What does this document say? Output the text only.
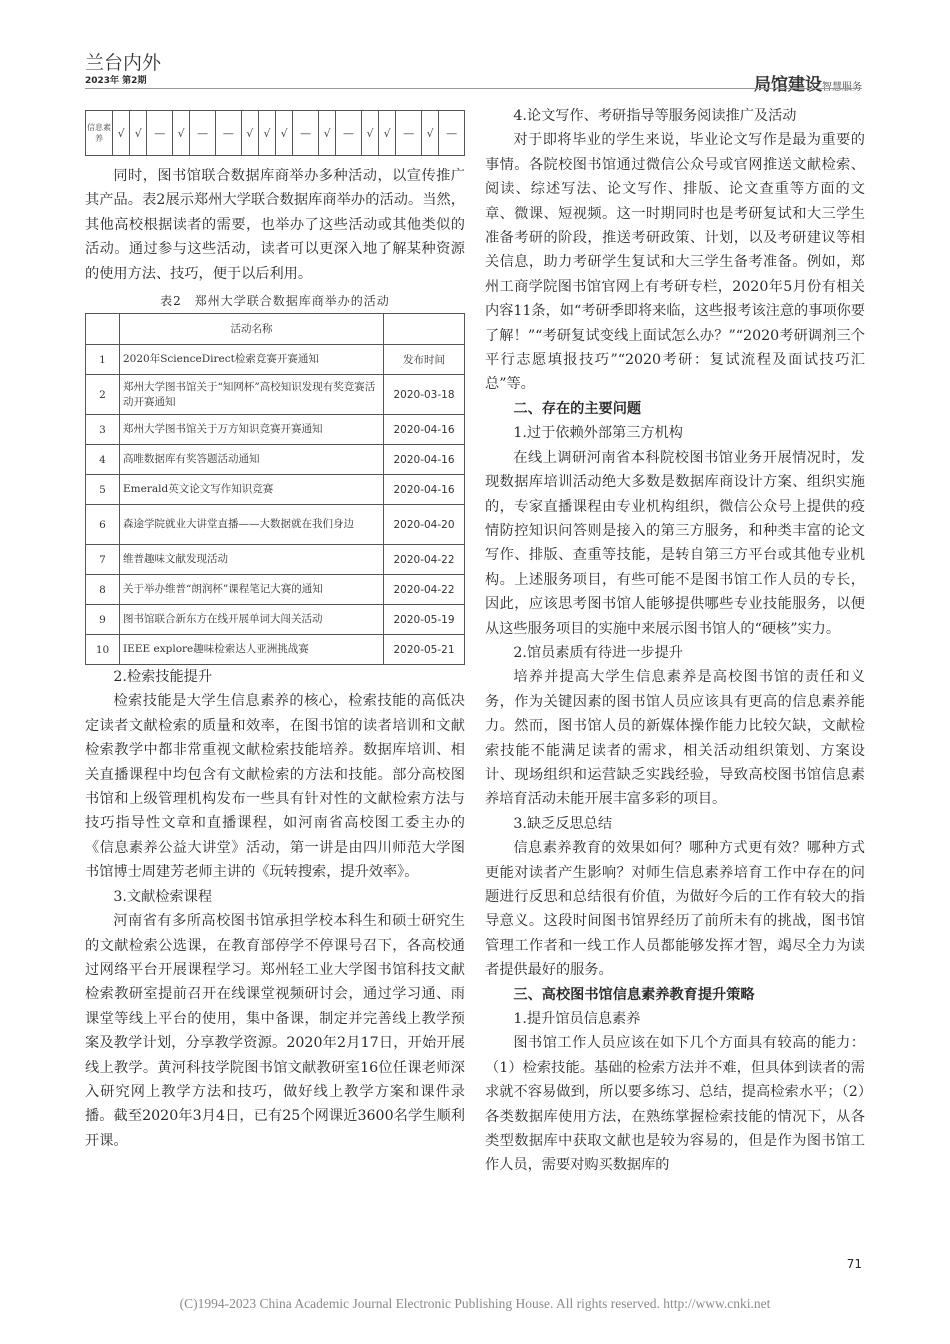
兰台内外
2023年 第2期	局馆建设智慧服务
信息素养	√	√	—	√	—	—	√	√	√	—	√	—	√	√	—	√	—

同时，图书馆联合数据库商举办多种活动，以宣传推广其产品。表2展示郑州大学联合数据库商举办的活动。当然，其他高校根据读者的需要，也举办了这些活动或其他类似的活动。通过参与这些活动，读者可以更深入地了解某种资源的使用方法、技巧，便于以后利用。

表2　郑州大学联合数据库商举办的活动
	活动名称	
1	2020年ScienceDirect检索竞赛开赛通知	发布时间
2	郑州大学图书馆关于“知网杯”高校知识发现有奖竞赛活动开赛通知	2020-03-18
3	郑州大学图书馆关于万方知识竞赛开赛通知	2020-04-16
4	高唯数据库有奖答题活动通知	2020-04-16
5	Emerald英文论文写作知识竞赛	2020-04-16
6	森途学院就业大讲堂直播——大数据就在我们身边	2020-04-20
7	维普趣味文献发现活动	2020-04-22
8	关于举办维普“朗润杯”课程笔记大赛的通知	2020-04-22
9	图书馆联合新东方在线开展单词大闯关活动	2020-05-19
10	IEEE explore趣味检索达人亚洲挑战赛	2020-05-21

2.检索技能提升

检索技能是大学生信息素养的核心，检索技能的高低决定读者文献检索的质量和效率，在图书馆的读者培训和文献检索教学中都非常重视文献检索技能培养。数据库培训、相关直播课程中均包含有文献检索的方法和技能。部分高校图书馆和上级管理机构发布一些具有针对性的文献检索方法与技巧指导性文章和直播课程，如河南省高校图工委主办的《信息素养公益大讲堂》活动，第一讲是由四川师范大学图书馆博士周建芳老师主讲的《玩转搜索，提升效率》。

3.文献检索课程

河南省有多所高校图书馆承担学校本科生和硕士研究生的文献检索公选课，在教育部停学不停课号召下，各高校通过网络平台开展课程学习。郑州轻工业大学图书馆科技文献检索教研室提前召开在线课堂视频研讨会，通过学习通、雨课堂等线上平台的使用，集中备课，制定并完善线上教学预案及教学计划，分享教学资源。2020年2月17日，开始开展线上教学。黄河科技学院图书馆文献教研室16位任课老师深入研究网上教学方法和技巧，做好线上教学方案和课件录播。截至2020年3月4日，已有25个网课近3600名学生顺利开课。

4.论文写作、考研指导等服务阅读推广及活动

对于即将毕业的学生来说，毕业论文写作是最为重要的事情。各院校图书馆通过微信公众号或官网推送文献检索、阅读、综述写法、论文写作、排版、论文查重等方面的文章、微课、短视频。这一时期同时也是考研复试和大三学生准备考研的阶段，推送考研政策、计划，以及考研建议等相关信息，助力考研学生复试和大三学生备考准备。例如，郑州工商学院图书馆官网上有考研专栏，2020年5月份有相关内容11条，如“考研季即将来临，这些报考该注意的事项你要了解！”“考研复试变线上面试怎么办？”“2020考研调剂三个平行志愿填报技巧”“2020考研：复试流程及面试技巧汇总”等。

二、存在的主要问题

1.过于依赖外部第三方机构

在线上调研河南省本科院校图书馆业务开展情况时，发现数据库培训活动绝大多数是数据库商设计方案、组织实施的，专家直播课程由专业机构组织，微信公众号上提供的疫情防控知识问答则是接入的第三方服务，和种类丰富的论文写作、排版、查重等技能，是转自第三方平台或其他专业机构。上述服务项目，有些可能不是图书馆工作人员的专长，因此，应该思考图书馆人能够提供哪些专业技能服务，以便从这些服务项目的实施中来展示图书馆人的“硬核”实力。

2.馆员素质有待进一步提升

培养并提高大学生信息素养是高校图书馆的责任和义务，作为关键因素的图书馆人员应该具有更高的信息素养能力。然而，图书馆人员的新媒体操作能力比较欠缺，文献检索技能不能满足读者的需求，相关活动组织策划、方案设计、现场组织和运营缺乏实践经验，导致高校图书馆信息素养培育活动未能开展丰富多彩的项目。

3.缺乏反思总结

信息素养教育的效果如何？哪种方式更有效？哪种方式更能对读者产生影响？对师生信息素养培育工作中存在的问题进行反思和总结很有价值，为做好今后的工作有较大的指导意义。这段时间图书馆界经历了前所未有的挑战，图书馆管理工作者和一线工作人员都能够发挥才智，竭尽全力为读者提供最好的服务。

三、高校图书馆信息素养教育提升策略

1.提升馆员信息素养

图书馆工作人员应该在如下几个方面具有较高的能力：（1）检索技能。基础的检索方法并不难，但具体到读者的需求就不容易做到，所以要多练习、总结，提高检索水平；（2）各类数据库使用方法，在熟练掌握检索技能的情况下，从各类型数据库中获取文献也是较为容易的，但是作为图书馆工作人员，需要对购买数据库的

71
(C)1994-2023 China Academic Journal Electronic Publishing House. All rights reserved. http://www.cnki.net
